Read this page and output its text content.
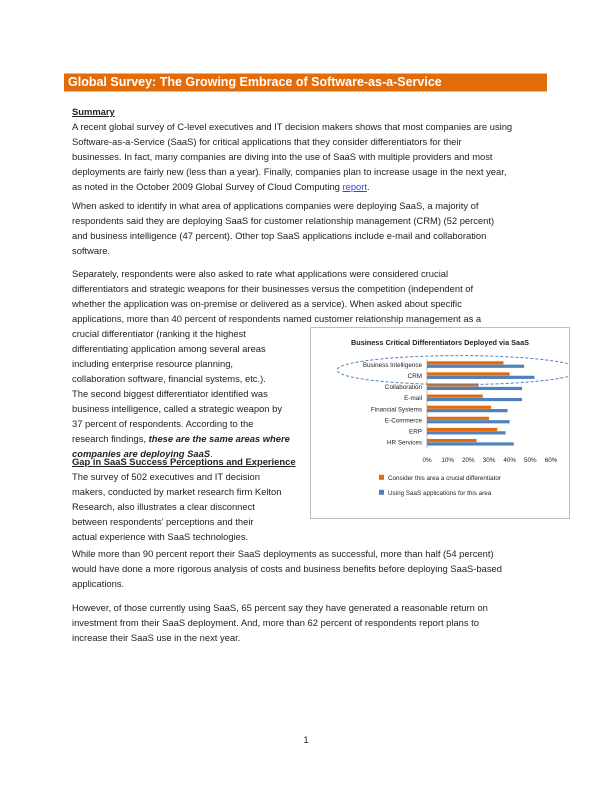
Global Survey: The Growing Embrace of Software-as-a-Service
Summary
A recent global survey of C-level executives and IT decision makers shows that most companies are using
Software-as-a-Service (SaaS) for critical applications that they consider differentiators for their
businesses. In fact, many companies are diving into the use of SaaS with multiple providers and most
deployments are fairly new (less than a year). Finally, companies plan to increase usage in the next year,
as noted in the October 2009 Global Survey of Cloud Computing report.
When asked to identify in what area of applications companies were deploying SaaS, a majority of
respondents said they are deploying SaaS for customer relationship management (CRM) (52 percent)
and business intelligence (47 percent). Other top SaaS applications include e-mail and collaboration
software.
Separately, respondents were also asked to rate what applications were considered crucial
differentiators and strategic weapons for their businesses versus the competition (independent of
whether the application was on-premise or delivered as a service). When asked about specific
applications, more than 40 percent of respondents named customer relationship management as a
crucial differentiator (ranking it the highest
differentiating application among several areas
including enterprise resource planning,
collaboration software, financial systems, etc.).
The second biggest differentiator identified was
business intelligence, called a strategic weapon by
37 percent of respondents. According to the
research findings, these are the same areas where
companies are deploying SaaS.
Gap in SaaS Success Perceptions and Experience
The survey of 502 executives and IT decision
makers, conducted by market research firm Kelton
Research, also illustrates a clear disconnect
between respondents’ perceptions and their
actual experience with SaaS technologies.
While more than 90 percent report their SaaS deployments as successful, more than half (54 percent)
would have done a more rigorous analysis of costs and business benefits before deploying SaaS-based
applications.
However, of those currently using SaaS, 65 percent say they have generated a reasonable return on
investment from their SaaS deployment. And, more than 62 percent of respondents report plans to
increase their SaaS use in the next year.
Business Critical Differentiators Deployed via SaaS
Business Intelligence
CRM
Collaboration
E-mail
Financial Systems
E-Commerce
ERP
HR Services
0% 10% 20% 30% 40% 50% 60%
Consider this area a crucial differentiator
Using SaaS applications for this area
1
